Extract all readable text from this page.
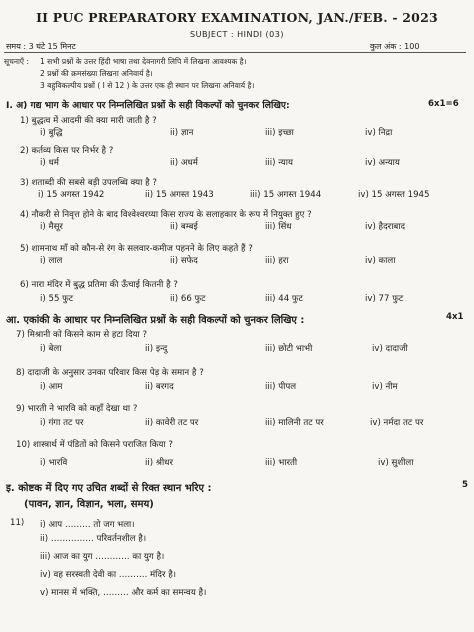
II PUC PREPARATORY EXAMINATION, JAN./FEB. - 2023
SUBJECT : HINDI (03)
समय : 3 घंटे 15 मिनट	कुल अंक : 100
सूचनाएँ : 1 सभी प्रश्नों के उत्तर हिंदी भाषा तथा देवनागरी लिपि में लिखना आवश्यक है।
2 प्रश्नों की क्रमसंख्या लिखना अनिवार्य है।
3 बहुविकल्पीय प्रश्नों ( I से 12 ) के उत्तर एक ही स्थान पर लिखना अनिवार्य है।
I. अ) गद्य भाग के आधार पर निम्नलिखित प्रश्नों के सही विकल्पों को चुनकर लिखिए:	6x1=6
1) बुद्धत्व में आदमी की क्या मारी जाती है ?
i) बुद्धि	ii) ज्ञान	iii) इच्छा	iv) निद्रा
2) कर्तव्य किस पर निर्भर है ?
i) धर्म	ii) अधर्म	iii) न्याय	iv) अन्याय
3) शताब्दी की सबसे बड़ी उपलब्धि क्या है ?
i) 15 अगस्त 1942	ii) 15 अगस्त 1943	iii) 15 अगस्त 1944	iv) 15 अगस्त 1945
4) नौकरी से निवृत्त होने के बाद विश्वेश्वरय्या किस राज्य के सलाहकार के रूप में नियुक्त हुए ?
i) मैसूर	ii) बम्बई	iii) सिंध	iv) हैदराबाद
5) शामनाथ माँ को कौन-से रंग के सलवार-कमीज पहनने के लिए कहते हैं ?
i) लाल	ii) सफेद	iii) हरा	iv) काला
6) नारा मंदिर में बुद्ध प्रतिमा की ऊँचाई कितनी है ?
i) 55 फुट	ii) 66 फुट	iii) 44 फुट	iv) 77 फुट
आ. एकांकी के आधार पर निम्नलिखित प्रश्नों के सही विकल्पों को चुनकर लिखिए :	4x1
7) मिश्रानी को किसने काम से हटा दिया ?
i) बेला	ii) इन्दु	iii) छोटी भाभी	iv) दादाजी
8) दादाजी के अनुसार उनका परिवार किस पेड़ के समान है ?
i) आम	ii) बरगद	iii) पीपल	iv) नीम
9) भारती ने भारवि को कहाँ देखा था ?
i) गंगा तट पर	ii) कावेरी तट पर	iii) मालिनी तट पर	iv) नर्मदा तट पर
10) शास्त्रार्थ में पंडितों को किसने पराजित किया ?
i) भारवि	ii) श्रीधर	iii) भारती	iv) सुशीला
इ. कोष्टक में दिए गए उचित शब्दों से रिक्त स्थान भरिए :	5
(पावन, ज्ञान, विज्ञान, भला, समय)
11) i) आप ……… तो जग भला।
ii) …………… परिवर्तनशील है।
iii) आज का युग ………… का युग है।
iv) वह सरस्वती देवी का ………. मंदिर है।
v) मानस में भक्ति, ……… और कर्म का समन्वय है।
